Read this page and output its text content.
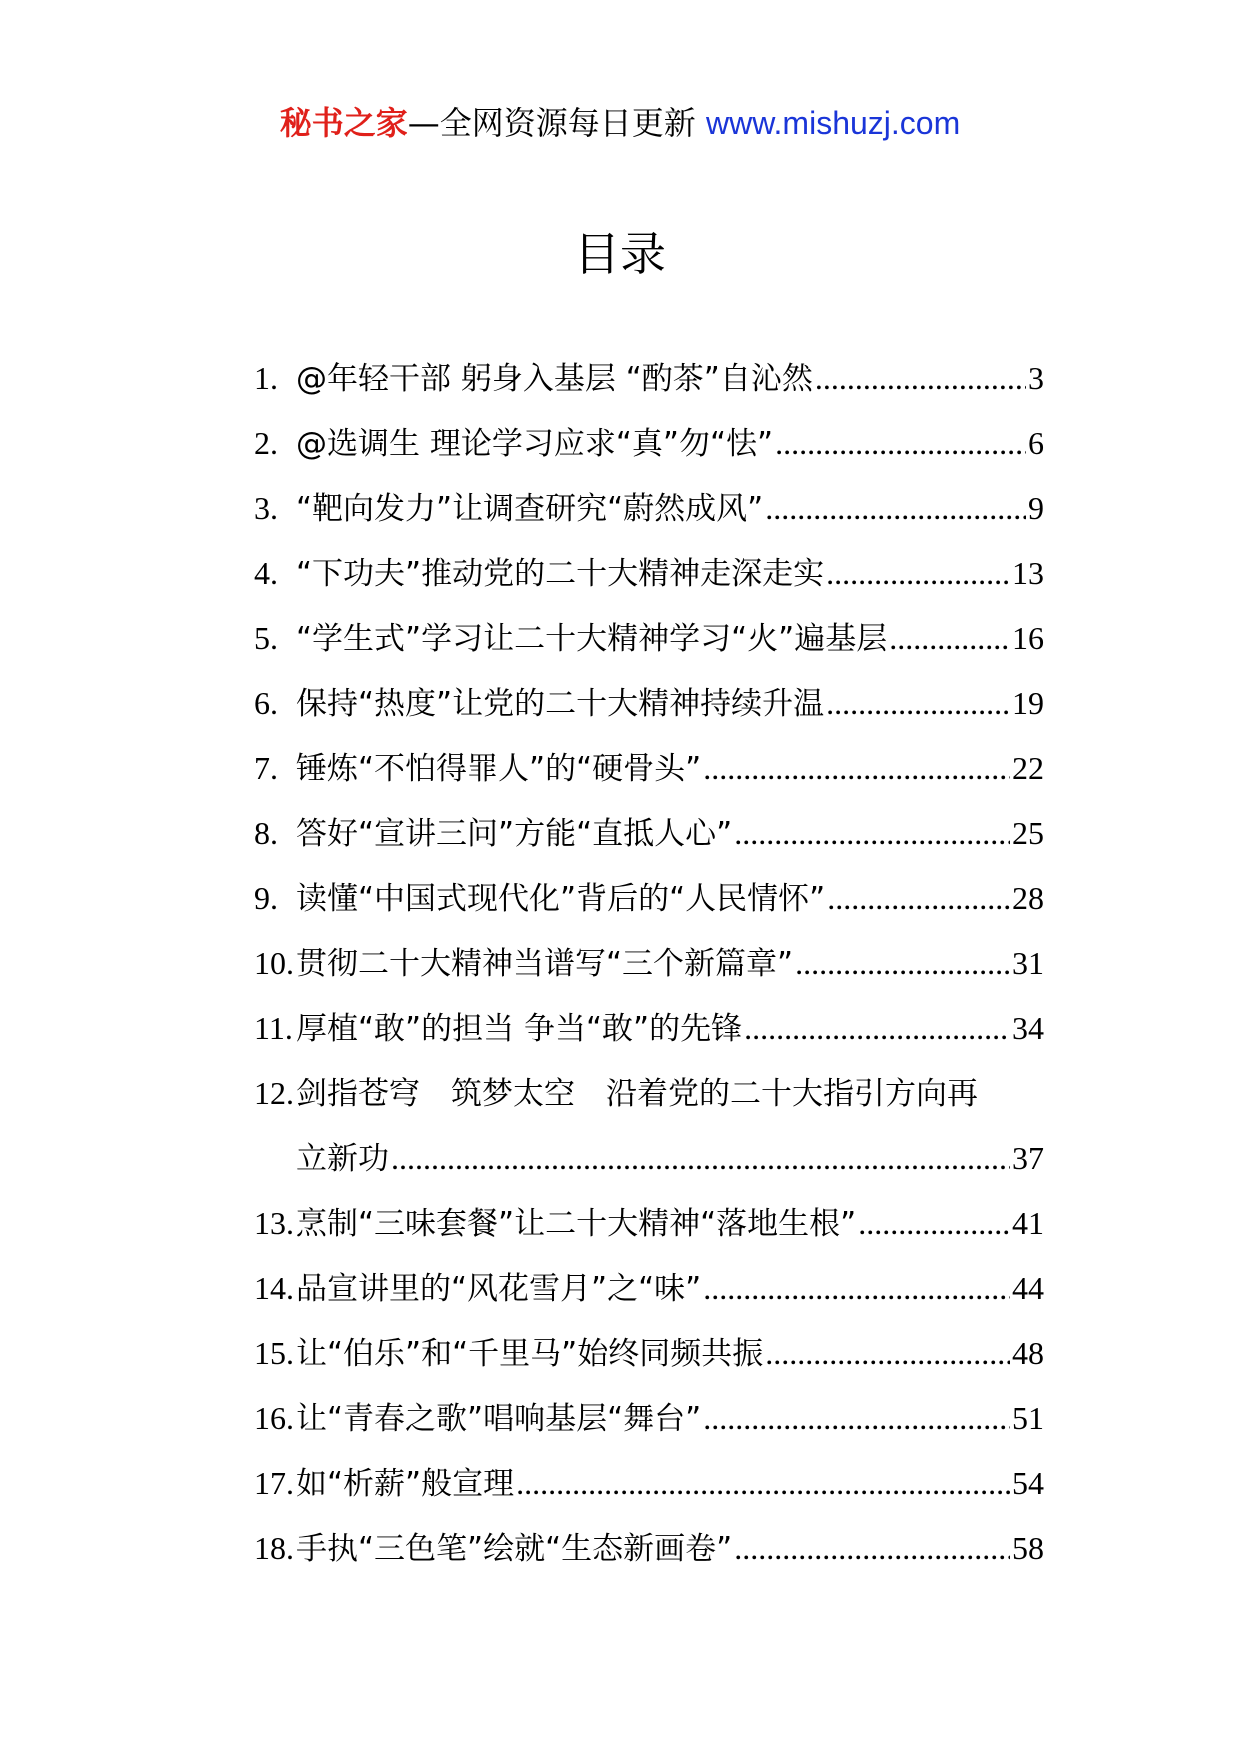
秘书之家—全网资源每日更新 www.mishuzj.com
目录
1. @年轻干部 躬身入基层 “酌茶”自沁然 .....	3
2. @选调生 理论学习应求“真”勿“怯” .....	6
3. “靶向发力”让调查研究“蔚然成风” .....	9
4. “下功夫”推动党的二十大精神走深走实 .....	13
5. “学生式”学习让二十大精神学习“火”遍基层 .....	16
6. 保持“热度”让党的二十大精神持续升温 .....	19
7. 锤炼“不怕得罪人”的“硬骨头” .....	22
8. 答好“宣讲三问”方能“直抵人心” .....	25
9. 读懂“中国式现代化”背后的“人民情怀” .....	28
10. 贯彻二十大精神当谱写“三个新篇章” .....	31
11. 厚植“敢”的担当 争当“敢”的先锋 .....	34
12. 剑指苍穹　筑梦太空　沿着党的二十大指引方向再
立新功 .....	37
13. 烹制“三味套餐”让二十大精神“落地生根” .....	41
14. 品宣讲里的“风花雪月”之“味” .....	44
15. 让“伯乐”和“千里马”始终同频共振 .....	48
16. 让“青春之歌”唱响基层“舞台” .....	51
17. 如“析薪”般宣理 .....	54
18. 手执“三色笔”绘就“生态新画卷” .....	58
